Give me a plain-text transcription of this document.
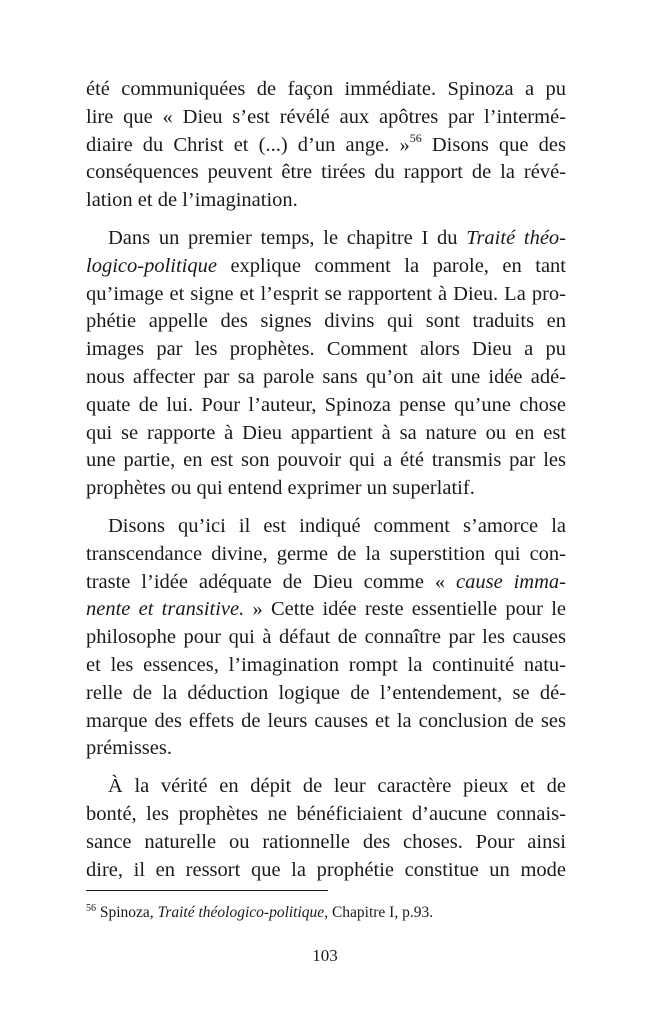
été communiquées de façon immédiate. Spinoza a pu
lire que « Dieu s’est révélé aux apôtres par l’intermé-
diaire du Christ et (...) d’un ange. »$^{56}$ Disons que des
conséquences peuvent être tirées du rapport de la révé-
lation et de l’imagination.
Dans un premier temps, le chapitre I du Traité théo-
logico-politique explique comment la parole, en tant
qu’image et signe et l’esprit se rapportent à Dieu. La pro-
phétie appelle des signes divins qui sont traduits en
images par les prophètes. Comment alors Dieu a pu
nous affecter par sa parole sans qu’on ait une idée adé-
quate de lui. Pour l’auteur, Spinoza pense qu’une chose
qui se rapporte à Dieu appartient à sa nature ou en est
une partie, en est son pouvoir qui a été transmis par les
prophètes ou qui entend exprimer un superlatif.
Disons qu’ici il est indiqué comment s’amorce la
transcendance divine, germe de la superstition qui con-
traste l’idée adéquate de Dieu comme « cause imma-
nente et transitive. » Cette idée reste essentielle pour le
philosophe pour qui à défaut de connaître par les causes
et les essences, l’imagination rompt la continuité natu-
relle de la déduction logique de l’entendement, se dé-
marque des effets de leurs causes et la conclusion de ses
prémisses.
À la vérité en dépit de leur caractère pieux et de
bonté, les prophètes ne bénéficiaient d’aucune connais-
sance naturelle ou rationnelle des choses. Pour ainsi
dire, il en ressort que la prophétie constitue un mode
$^{56}$ Spinoza, Traité théologico-politique, Chapitre I, p.93.
103
